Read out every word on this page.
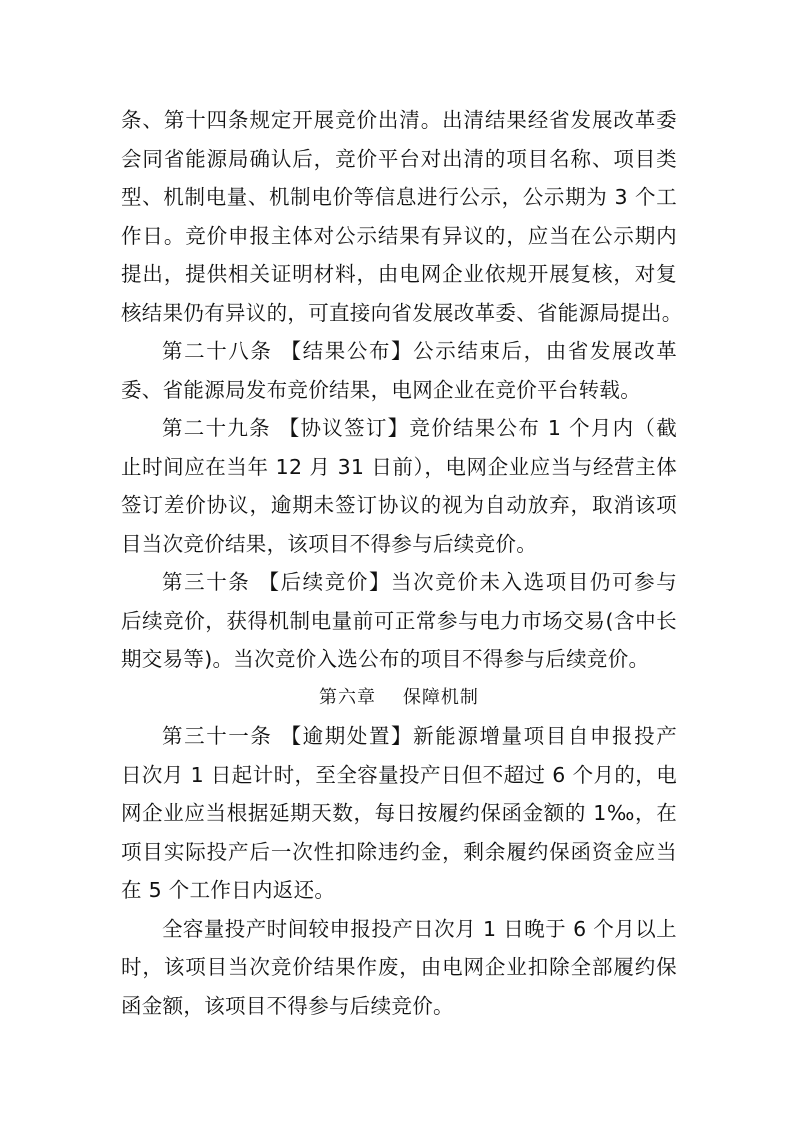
条、第十四条规定开展竞价出清。出清结果经省发展改革委
会同省能源局确认后，竞价平台对出清的项目名称、项目类
型、机制电量、机制电价等信息进行公示，公示期为 3 个工
作日。竞价申报主体对公示结果有异议的，应当在公示期内
提出，提供相关证明材料，由电网企业依规开展复核，对复
核结果仍有异议的，可直接向省发展改革委、省能源局提出。
第二十八条 【结果公布】公示结束后，由省发展改革
委、省能源局发布竞价结果，电网企业在竞价平台转载。
第二十九条 【协议签订】竞价结果公布 1 个月内（截
止时间应在当年 12 月 31 日前），电网企业应当与经营主体
签订差价协议，逾期未签订协议的视为自动放弃，取消该项
目当次竞价结果，该项目不得参与后续竞价。
第三十条 【后续竞价】当次竞价未入选项目仍可参与
后续竞价，获得机制电量前可正常参与电力市场交易(含中长
期交易等)。当次竞价入选公布的项目不得参与后续竞价。
第六章    保障机制
第三十一条 【逾期处置】新能源增量项目自申报投产
日次月 1 日起计时，至全容量投产日但不超过 6 个月的，电
网企业应当根据延期天数，每日按履约保函金额的 1‰，在
项目实际投产后一次性扣除违约金，剩余履约保函资金应当
在 5 个工作日内返还。
全容量投产时间较申报投产日次月 1 日晚于 6 个月以上
时，该项目当次竞价结果作废，由电网企业扣除全部履约保
函金额，该项目不得参与后续竞价。
